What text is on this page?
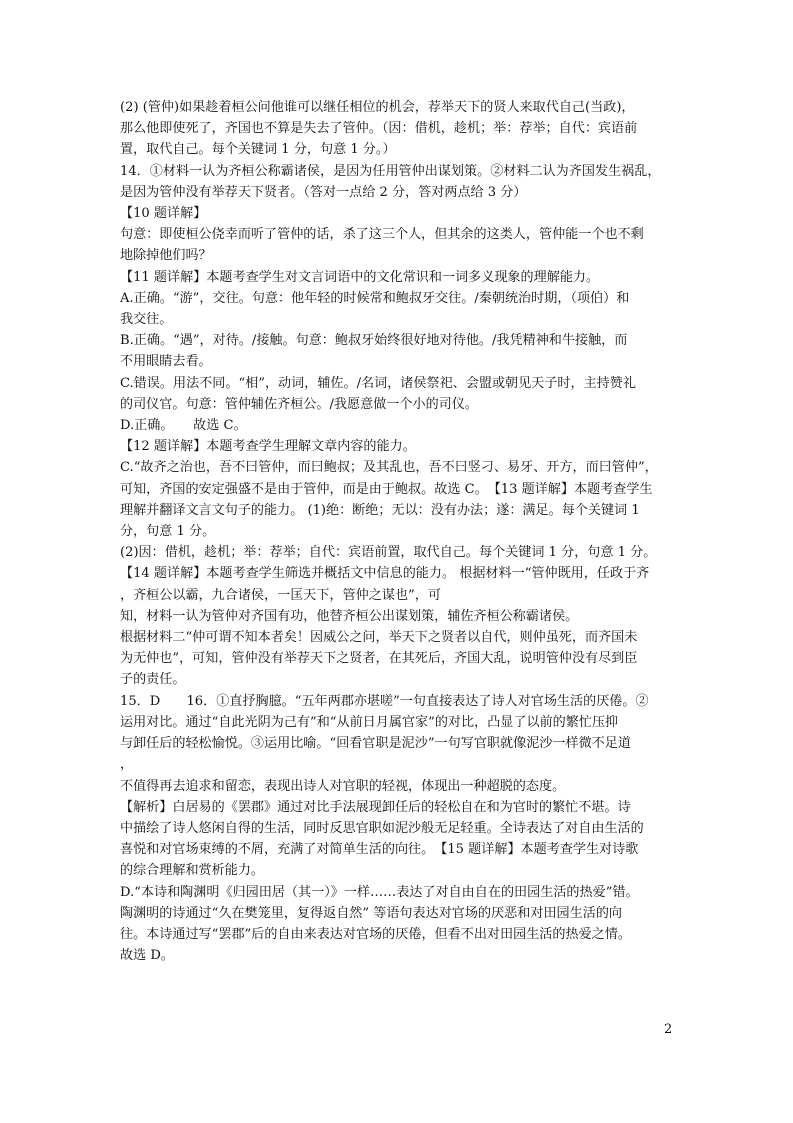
(2) (管仲)如果趁着桓公问他谁可以继任相位的机会，荐举天下的贤人来取代自己(当政)，
那么他即使死了，齐国也不算是失去了管仲。（因：借机，趁机；举：荐举；自代：宾语前
置，取代自己。每个关键词 1 分，句意 1 分。）
14．①材料一认为齐桓公称霸诸侯，是因为任用管仲出谋划策。②材料二认为齐国发生祸乱，
是因为管仲没有举荐天下贤者。（答对一点给 2 分，答对两点给 3 分）
【10 题详解】
句意：即使桓公侥幸而听了管仲的话，杀了这三个人，但其余的这类人，管仲能一个也不剩
地除掉他们吗？
【11 题详解】本题考查学生对文言词语中的文化常识和一词多义现象的理解能力。
A.正确。“游”，交往。句意：他年轻的时候常和鲍叔牙交往。/秦朝统治时期，（项伯）和
我交往。
B.正确。“遇”，对待。/接触。句意：鲍叔牙始终很好地对待他。/我凭精神和牛接触，而
不用眼睛去看。
C.错误。用法不同。“相”，动词，辅佐。/名词，诸侯祭祀、会盟或朝见天子时，主持赞礼
的司仪官。句意：管仲辅佐齐桓公。/我愿意做一个小的司仪。
D.正确。　　故选 C。
【12 题详解】本题考查学生理解文章内容的能力。
C.“故齐之治也，吾不曰管仲，而曰鲍叔；及其乱也，吾不曰竖刁、易牙、开方，而曰管仲”，
可知，齐国的安定强盛不是由于管仲，而是由于鲍叔。故选 C。　【13 题详解】本题考查学生
理解并翻译文言文句子的能力。 (1)绝：断绝；无以：没有办法；遂：满足。每个关键词 1
分，句意 1 分。
(2)因：借机，趁机；举：荐举；自代：宾语前置，取代自己。每个关键词 1 分，句意 1 分。
【14 题详解】本题考查学生筛选并概括文中信息的能力。 根据材料一“管仲既用，任政于齐
，齐桓公以霸，九合诸侯，一匡天下，管仲之谋也”，可
知，材料一认为管仲对齐国有功，他替齐桓公出谋划策，辅佐齐桓公称霸诸侯。
根据材料二“仲可谓不知本者矣！因威公之问，举天下之贤者以自代，则仲虽死，而齐国未
为无仲也”，可知，管仲没有举荐天下之贤者，在其死后，齐国大乱，说明管仲没有尽到臣
子的责任。
15．D　　16．①直抒胸臆。“五年两郡亦堪嗟”一句直接表达了诗人对官场生活的厌倦。②
运用对比。通过“自此光阴为己有”和“从前日月属官家”的对比，凸显了以前的繁忙压抑
与卸任后的轻松愉悦。③运用比喻。“回看官职是泥沙”一句写官职就像泥沙一样微不足道
，
不值得再去追求和留恋，表现出诗人对官职的轻视，体现出一种超脱的态度。
【解析】白居易的《罢郡》通过对比手法展现卸任后的轻松自在和为官时的繁忙不堪。诗
中描绘了诗人悠闲自得的生活，同时反思官职如泥沙般无足轻重。全诗表达了对自由生活的
喜悦和对官场束缚的不屑，充满了对简单生活的向往。　【15 题详解】本题考查学生对诗歌
的综合理解和赏析能力。
D.“本诗和陶渊明《归园田居（其一）》一样……表达了对自由自在的田园生活的热爱”错。
陶渊明的诗通过“久在樊笼里，复得返自然” 等语句表达对官场的厌恶和对田园生活的向
往。本诗通过写“罢郡”后的自由来表达对官场的厌倦，但看不出对田园生活的热爱之情。
故选 D。
2
